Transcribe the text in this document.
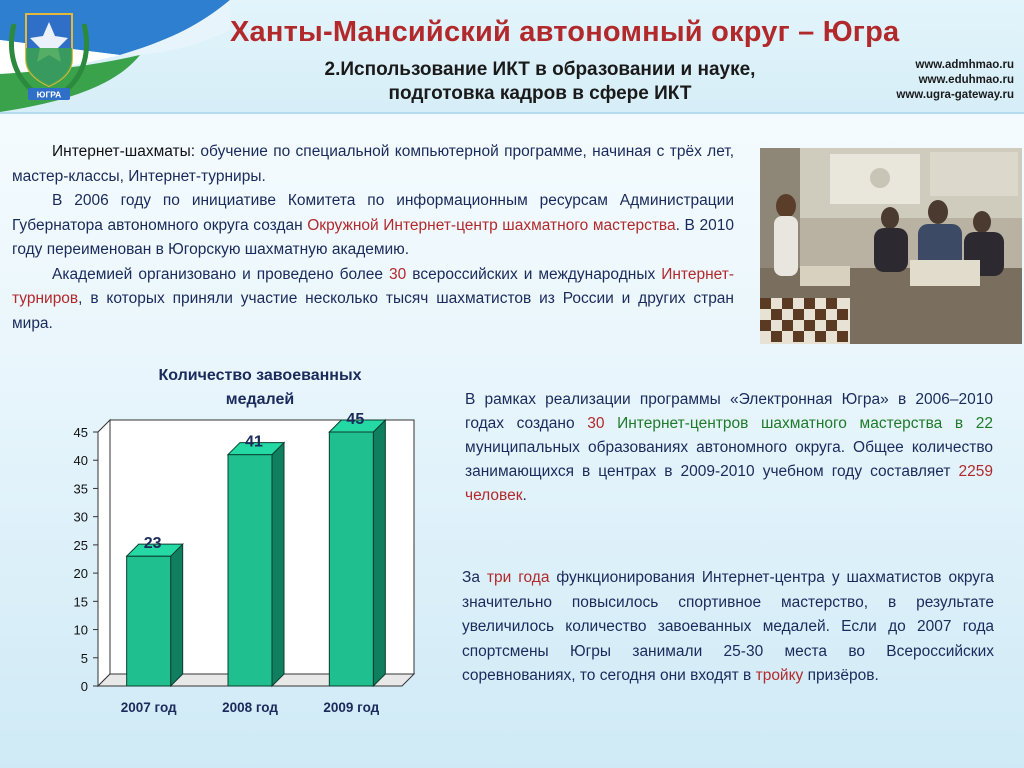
ЮГРА
Ханты-Мансийский автономный округ – Югра
2.Использование ИКТ в образовании и науке,
подготовка кадров в сфере ИКТ
www.admhmao.ru
www.eduhmao.ru
www.ugra-gateway.ru

Интернет-шахматы: обучение по специальной компьютерной программе, начиная с трёх лет, мастер-классы, Интернет-турниры.

В 2006 году по инициативе Комитета по информационным ресурсам Администрации Губернатора автономного округа создан Окружной Интернет-центр шахматного мастерства. В 2010 году переименован в Югорскую шахматную академию.

Академией организовано и проведено более 30 всероссийских и международных Интернет-турниров, в которых приняли участие несколько тысяч шахматистов из России и других стран мира.

Количество завоеванных
медалей
0
5
10
15
20
25
30
35
40
45
23
2007 год
41
2008 год
45
2009 год

В рамках реализации программы «Электронная Югра» в 2006–2010 годах создано 30 Интернет-центров шахматного мастерства в 22 муниципальных образованиях автономного округа. Общее количество занимающихся в центрах в 2009-2010 учебном году составляет 2259 человек.

За три года функционирования Интернет-центра у шахматистов округа значительно повысилось спортивное мастерство, в результате увеличилось количество завоеванных медалей. Если до 2007 года спортсмены Югры занимали 25-30 места во Всероссийских соревнованиях, то сегодня они входят в тройку призёров.
